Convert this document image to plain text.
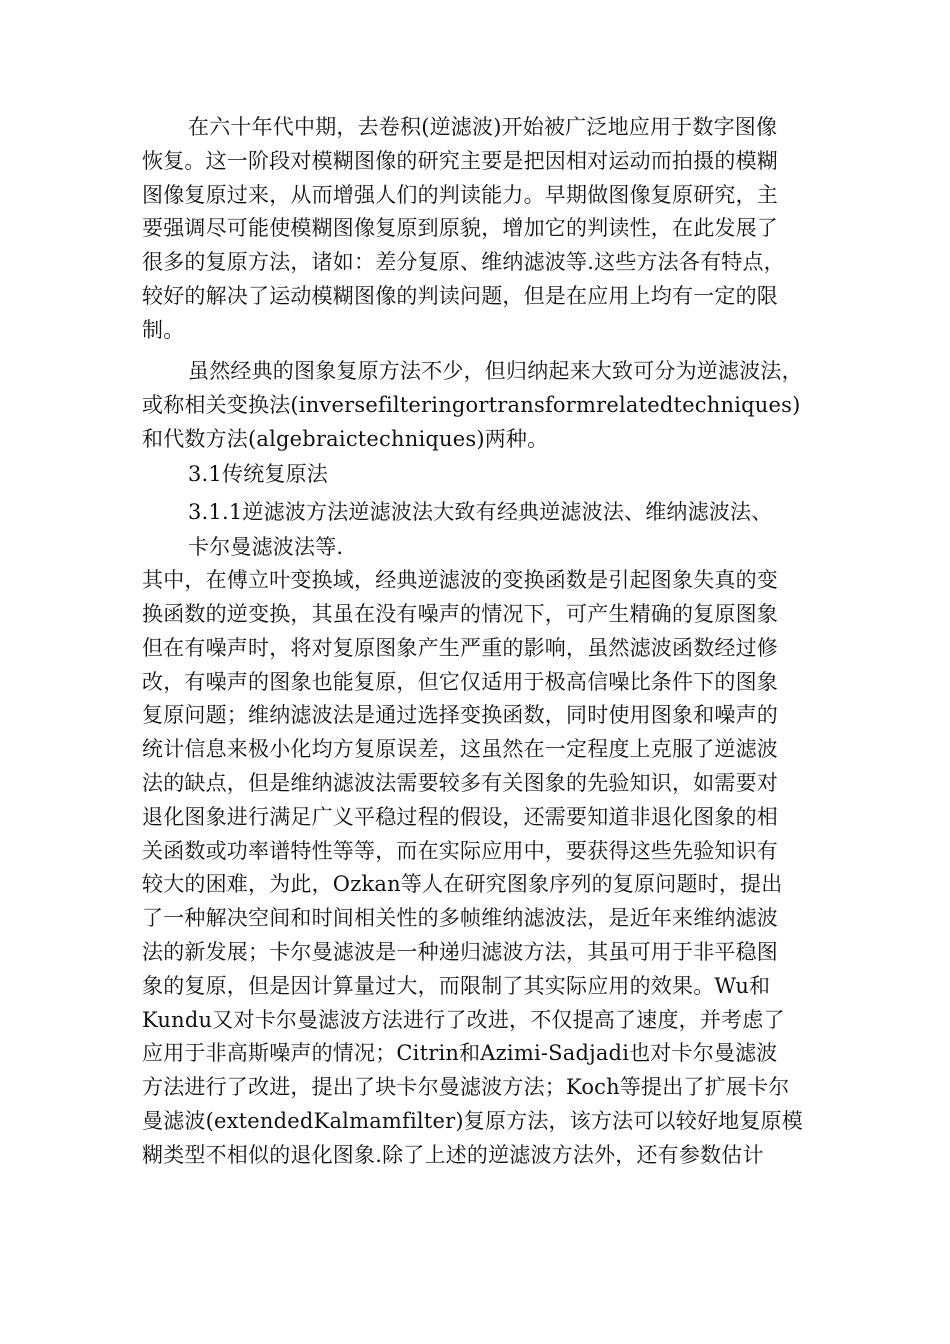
在六十年代中期，去卷积(逆滤波)开始被广泛地应用于数字图像
恢复。这一阶段对模糊图像的研究主要是把因相对运动而拍摄的模糊
图像复原过来，从而增强人们的判读能力。早期做图像复原研究，主
要强调尽可能使模糊图像复原到原貌，增加它的判读性，在此发展了
很多的复原方法，诸如：差分复原、维纳滤波等.这些方法各有特点，
较好的解决了运动模糊图像的判读问题，但是在应用上均有一定的限
制。
虽然经典的图象复原方法不少，但归纳起来大致可分为逆滤波法，
或称相关变换法(inversefilteringortransformrelatedtechniques)
和代数方法(algebraictechniques)两种。
3.1传统复原法
3.1.1逆滤波方法逆滤波法大致有经典逆滤波法、维纳滤波法、
卡尔曼滤波法等.
其中，在傅立叶变换域，经典逆滤波的变换函数是引起图象失真的变
换函数的逆变换，其虽在没有噪声的情况下，可产生精确的复原图象
但在有噪声时，将对复原图象产生严重的影响，虽然滤波函数经过修
改，有噪声的图象也能复原，但它仅适用于极高信噪比条件下的图象
复原问题；维纳滤波法是通过选择变换函数，同时使用图象和噪声的
统计信息来极小化均方复原误差，这虽然在一定程度上克服了逆滤波
法的缺点，但是维纳滤波法需要较多有关图象的先验知识，如需要对
退化图象进行满足广义平稳过程的假设，还需要知道非退化图象的相
关函数或功率谱特性等等，而在实际应用中，要获得这些先验知识有
较大的困难，为此，Ozkan等人在研究图象序列的复原问题时，提出
了一种解决空间和时间相关性的多帧维纳滤波法，是近年来维纳滤波
法的新发展；卡尔曼滤波是一种递归滤波方法，其虽可用于非平稳图
象的复原，但是因计算量过大，而限制了其实际应用的效果。Wu和
Kundu又对卡尔曼滤波方法进行了改进，不仅提高了速度，并考虑了
应用于非高斯噪声的情况；Citrin和Azimi-Sadjadi也对卡尔曼滤波
方法进行了改进，提出了块卡尔曼滤波方法；Koch等提出了扩展卡尔
曼滤波(extendedKalmamfilter)复原方法，该方法可以较好地复原模
糊类型不相似的退化图象.除了上述的逆滤波方法外，还有参数估计
